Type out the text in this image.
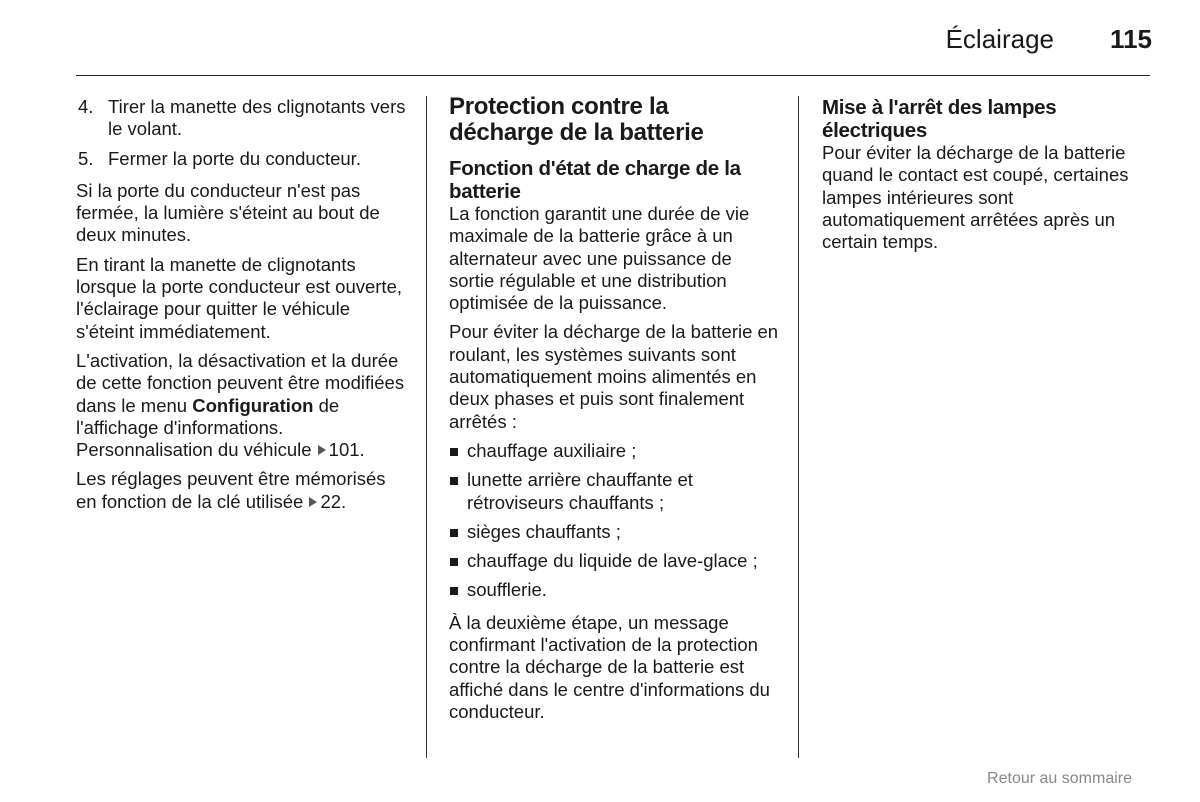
Éclairage	115
4. Tirer la manette des clignotants vers le volant.
5. Fermer la porte du conducteur.

Si la porte du conducteur n'est pas fermée, la lumière s'éteint au bout de deux minutes.

En tirant la manette de clignotants lorsque la porte conducteur est ouverte, l'éclairage pour quitter le véhicule s'éteint immédiatement.

L'activation, la désactivation et la durée de cette fonction peuvent être modifiées dans le menu Configuration de l'affichage d'informations. Personnalisation du véhicule 101.

Les réglages peuvent être mémorisés en fonction de la clé utilisée 22.

Protection contre la décharge de la batterie
Fonction d'état de charge de la batterie

La fonction garantit une durée de vie maximale de la batterie grâce à un alternateur avec une puissance de sortie régulable et une distribution optimisée de la puissance.

Pour éviter la décharge de la batterie en roulant, les systèmes suivants sont automatiquement moins alimentés en deux phases et puis sont finalement arrêtés :

chauffage auxiliaire ;
lunette arrière chauffante et rétroviseurs chauffants ;
sièges chauffants ;
chauffage du liquide de lave-glace ;
soufflerie.

À la deuxième étape, un message confirmant l'activation de la protection contre la décharge de la batterie est affiché dans le centre d'informations du conducteur.

Mise à l'arrêt des lampes électriques

Pour éviter la décharge de la batterie quand le contact est coupé, certaines lampes intérieures sont automatiquement arrêtées après un certain temps.

Retour au sommaire
